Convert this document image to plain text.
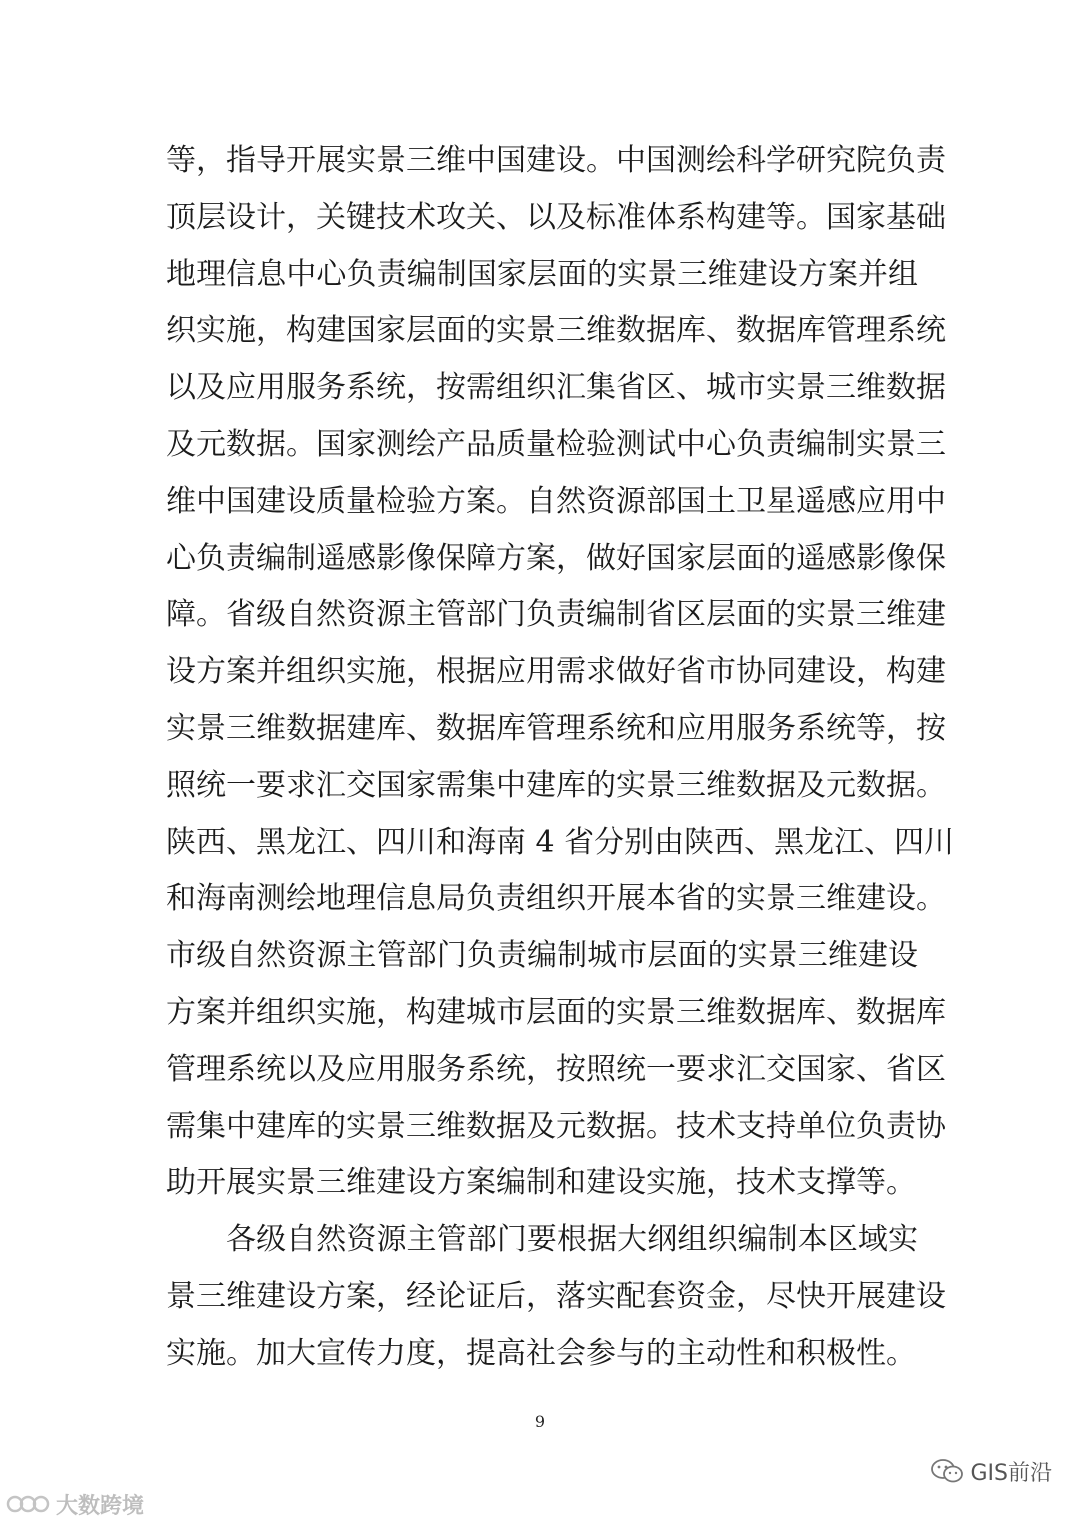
等，指导开展实景三维中国建设。中国测绘科学研究院负责
顶层设计，关键技术攻关、以及标准体系构建等。国家基础
地理信息中心负责编制国家层面的实景三维建设方案并组
织实施，构建国家层面的实景三维数据库、数据库管理系统
以及应用服务系统，按需组织汇集省区、城市实景三维数据
及元数据。国家测绘产品质量检验测试中心负责编制实景三
维中国建设质量检验方案。自然资源部国土卫星遥感应用中
心负责编制遥感影像保障方案，做好国家层面的遥感影像保
障。省级自然资源主管部门负责编制省区层面的实景三维建
设方案并组织实施，根据应用需求做好省市协同建设，构建
实景三维数据建库、数据库管理系统和应用服务系统等，按
照统一要求汇交国家需集中建库的实景三维数据及元数据。
陕西、黑龙江、四川和海南 4 省分别由陕西、黑龙江、四川
和海南测绘地理信息局负责组织开展本省的实景三维建设。
市级自然资源主管部门负责编制城市层面的实景三维建设
方案并组织实施，构建城市层面的实景三维数据库、数据库
管理系统以及应用服务系统，按照统一要求汇交国家、省区
需集中建库的实景三维数据及元数据。技术支持单位负责协
助开展实景三维建设方案编制和建设实施，技术支撑等。
各级自然资源主管部门要根据大纲组织编制本区域实
景三维建设方案，经论证后，落实配套资金，尽快开展建设
实施。加大宣传力度，提高社会参与的主动性和积极性。
9
大数跨境
GIS前沿
